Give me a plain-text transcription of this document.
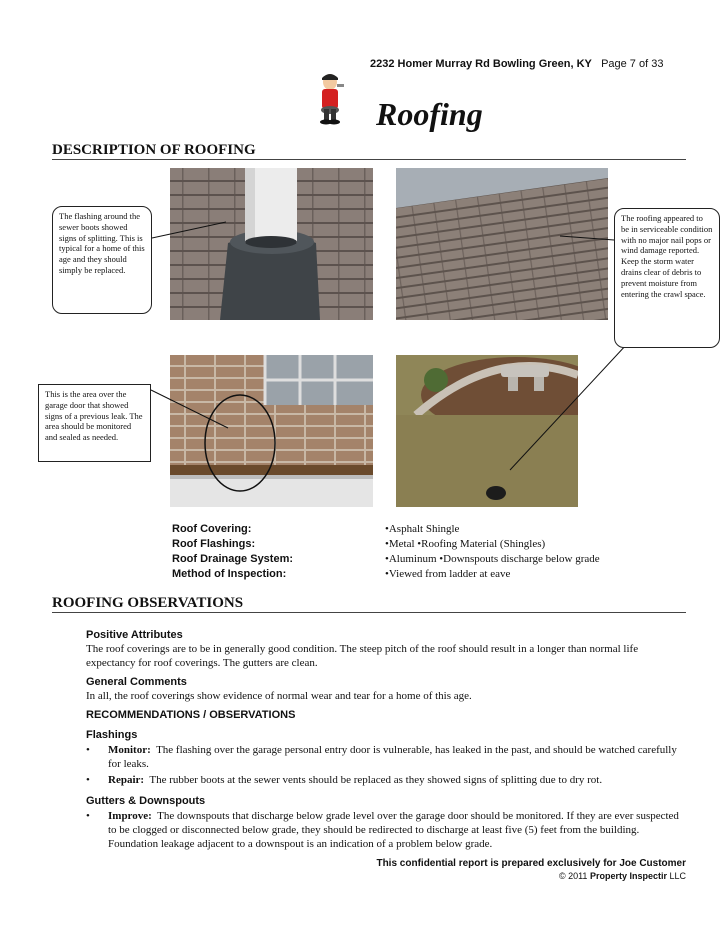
2232 Homer Murray Rd Bowling Green, KY Page 7 of 33
Roofing
DESCRIPTION OF ROOFING
The flashing around the sewer boots showed signs of splitting. This is typical for a home of this age and they should simply be replaced.
The roofing appeared to be in serviceable condition with no major nail pops or wind damage reported.
Keep the storm water drains clear of debris to prevent moisture from entering the crawl space.
This is the area over the garage door that showed signs of a previous leak. The area should be monitored and sealed as needed.
Roof Covering:	•Asphalt Shingle
Roof Flashings:	•Metal •Roofing Material (Shingles)
Roof Drainage System:	•Aluminum •Downspouts discharge below grade
Method of Inspection:	•Viewed from ladder at eave
ROOFING OBSERVATIONS
Positive Attributes
The roof coverings are to be in generally good condition. The steep pitch of the roof should result in a longer than normal life expectancy for roof coverings. The gutters are clean.
General Comments
In all, the roof coverings show evidence of normal wear and tear for a home of this age.
RECOMMENDATIONS / OBSERVATIONS
Flashings
• Monitor: The flashing over the garage personal entry door is vulnerable, has leaked in the past, and should be watched carefully for leaks.
• Repair: The rubber boots at the sewer vents should be replaced as they showed signs of splitting due to dry rot.
Gutters & Downspouts
• Improve: The downspouts that discharge below grade level over the garage door should be monitored. If they are ever suspected to be clogged or disconnected below grade, they should be redirected to discharge at least five (5) feet from the building. Foundation leakage adjacent to a downspout is an indication of a problem below grade.
This confidential report is prepared exclusively for Joe Customer
© 2011 Property Inspectir LLC
